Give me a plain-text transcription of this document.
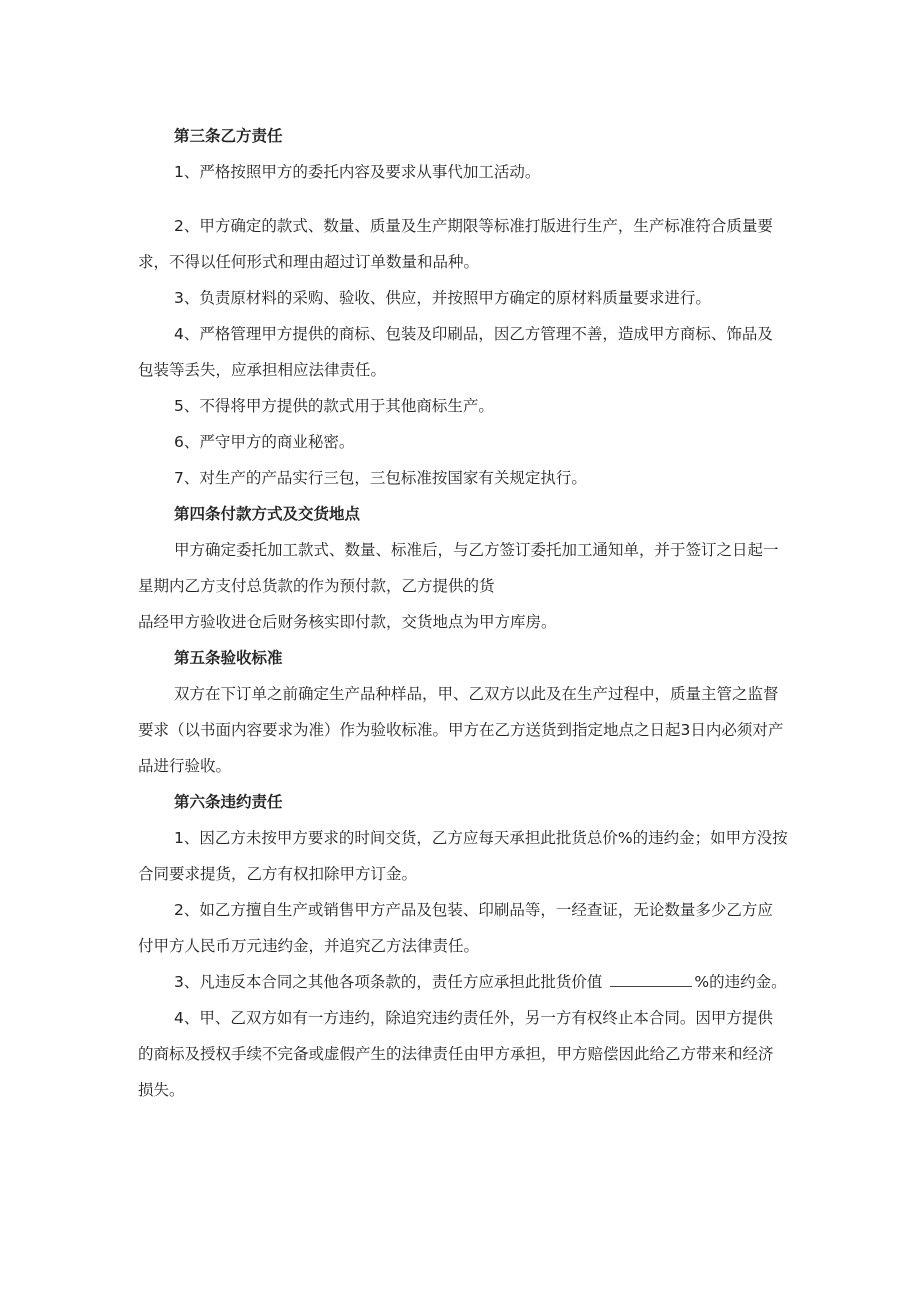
第三条乙方责任

1、严格按照甲方的委托内容及要求从事代加工活动。

2、甲方确定的款式、数量、质量及生产期限等标准打版进行生产，生产标准符合质量要求，不得以任何形式和理由超过订单数量和品种。

3、负责原材料的采购、验收、供应，并按照甲方确定的原材料质量要求进行。

4、严格管理甲方提供的商标、包装及印刷品，因乙方管理不善，造成甲方商标、饰品及包装等丢失，应承担相应法律责任。

5、不得将甲方提供的款式用于其他商标生产。

6、严守甲方的商业秘密。

7、对生产的产品实行三包，三包标准按国家有关规定执行。

第四条付款方式及交货地点

甲方确定委托加工款式、数量、标准后，与乙方签订委托加工通知单，并于签订之日起一星期内乙方支付总货款的作为预付款，乙方提供的货

品经甲方验收进仓后财务核实即付款，交货地点为甲方库房。

第五条验收标准

双方在下订单之前确定生产品种样品，甲、乙双方以此及在生产过程中，质量主管之监督要求（以书面内容要求为准）作为验收标准。甲方在乙方送货到指定地点之日起3日内必须对产品进行验收。

第六条违约责任

1、因乙方未按甲方要求的时间交货，乙方应每天承担此批货总价%的违约金；如甲方没按合同要求提货，乙方有权扣除甲方订金。

2、如乙方擅自生产或销售甲方产品及包装、印刷品等，一经查证，无论数量多少乙方应付甲方人民币万元违约金，并追究乙方法律责任。

3、凡违反本合同之其他各项条款的，责任方应承担此批货价值	%的违约金。

4、甲、乙双方如有一方违约，除追究违约责任外，另一方有权终止本合同。因甲方提供的商标及授权手续不完备或虚假产生的法律责任由甲方承担，甲方赔偿因此给乙方带来和经济损失。
